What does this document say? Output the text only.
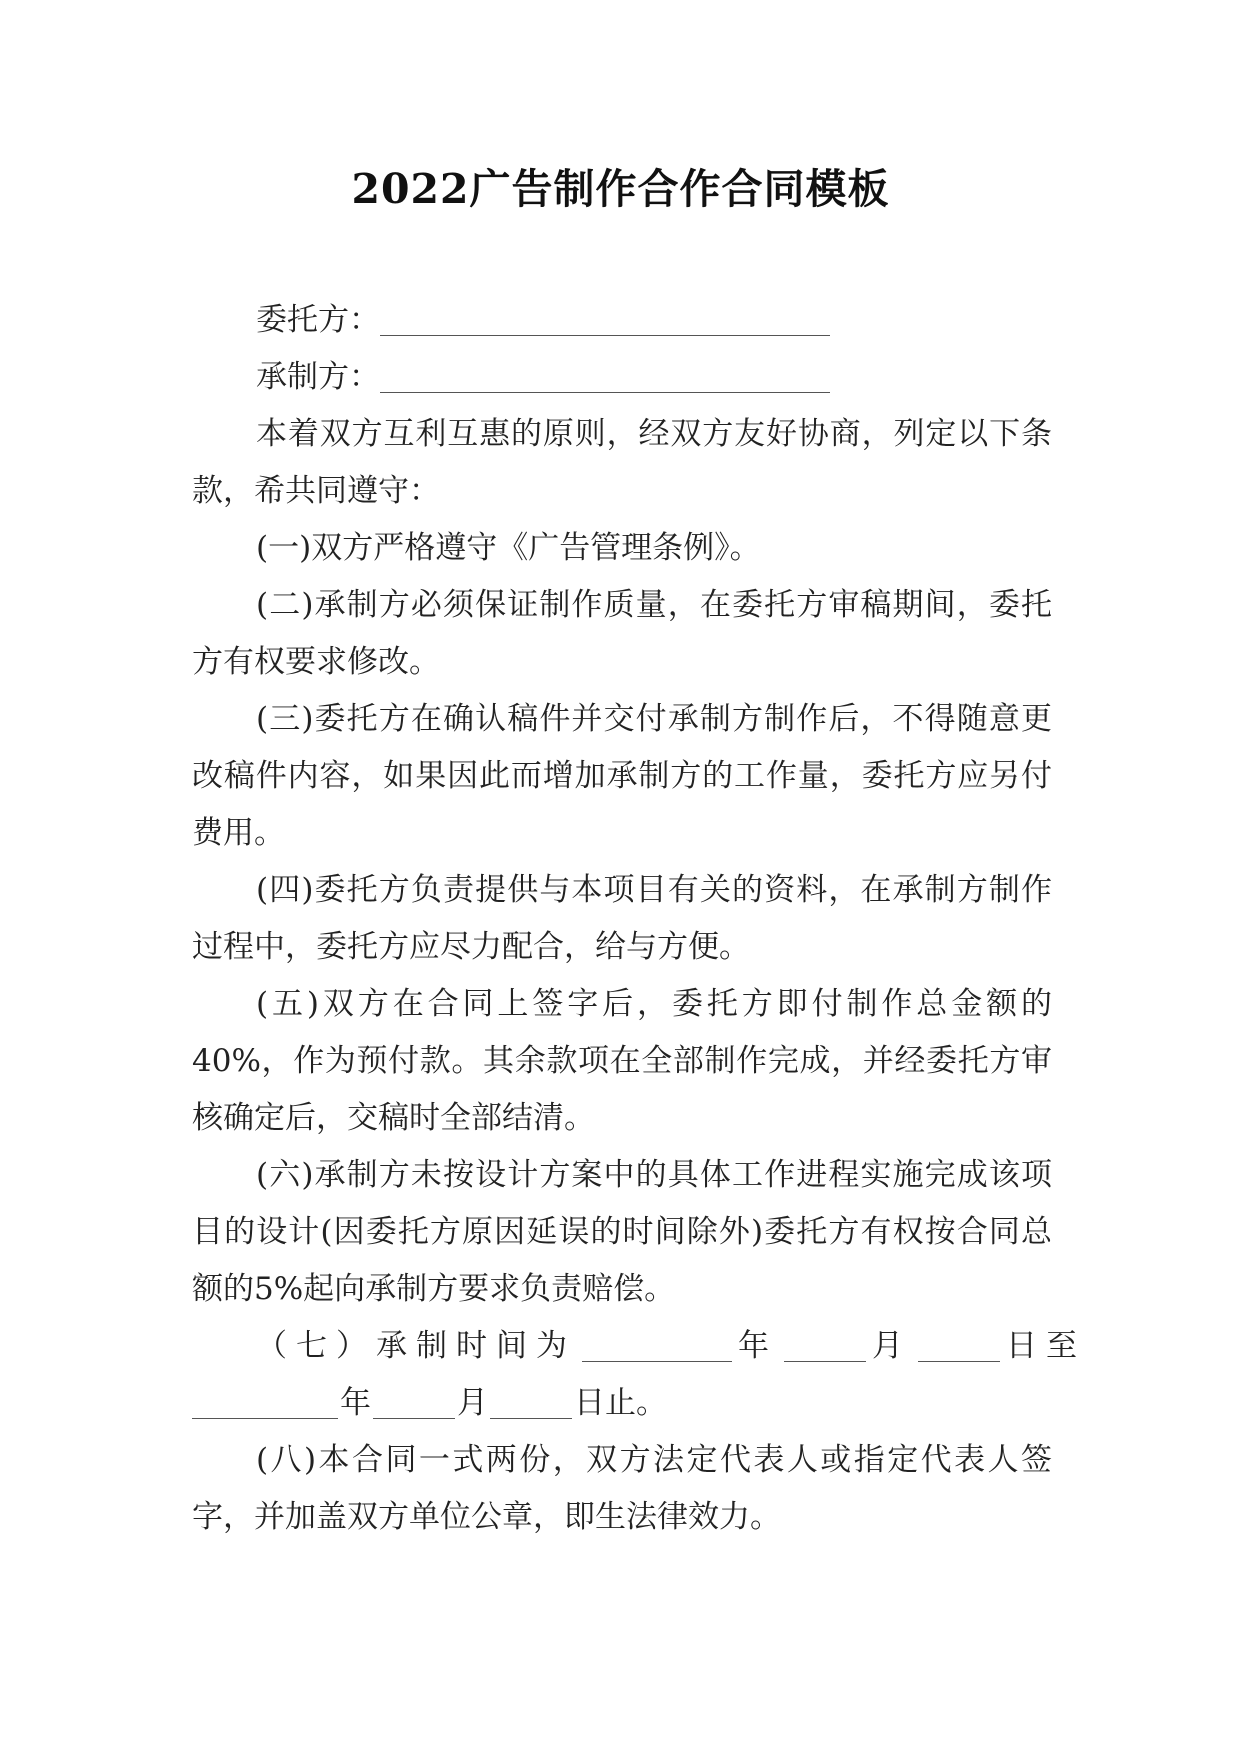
2022广告制作合作合同模板

委托方：

承制方：

本着双方互利互惠的原则，经双方友好协商，列定以下条款，希共同遵守：

(一)双方严格遵守《广告管理条例》。

(二)承制方必须保证制作质量，在委托方审稿期间，委托方有权要求修改。

(三)委托方在确认稿件并交付承制方制作后，不得随意更改稿件内容，如果因此而增加承制方的工作量，委托方应另付费用。

(四)委托方负责提供与本项目有关的资料，在承制方制作过程中，委托方应尽力配合，给与方便。

(五)双方在合同上签字后，委托方即付制作总金额的40%，作为预付款。其余款项在全部制作完成，并经委托方审核确定后，交稿时全部结清。

(六)承制方未按设计方案中的具体工作进程实施完成该项目的设计(因委托方原因延误的时间除外)委托方有权按合同总额的5%起向承制方要求负责赔偿。

（七）承制时间为	年	月	日至

年	月	日止。

(八)本合同一式两份，双方法定代表人或指定代表人签字，并加盖双方单位公章，即生法律效力。
